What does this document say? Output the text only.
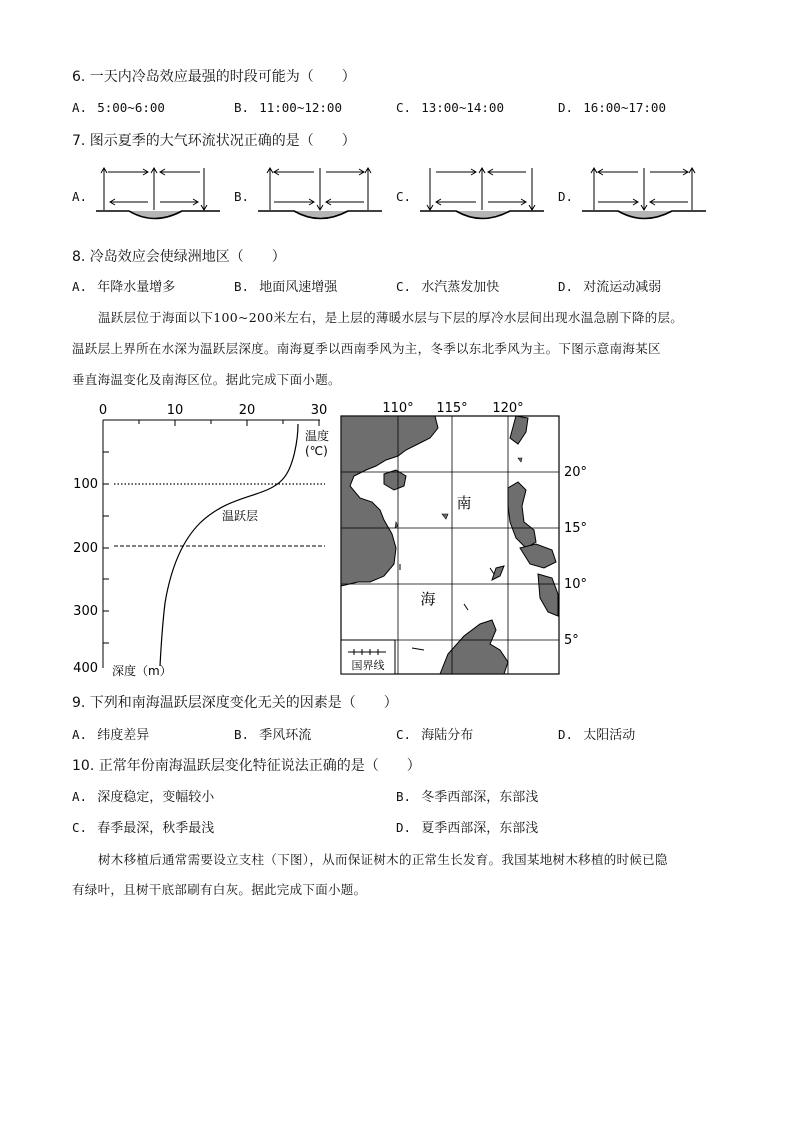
6. 一天内冷岛效应最强的时段可能为（　　）
A. 5:00~6:00	B. 11:00~12:00	C. 13:00~14:00	D. 16:00~17:00
7. 图示夏季的大气环流状况正确的是（　　）
A.	B.	C.	D.
8. 冷岛效应会使绿洲地区（　　）
A. 年降水量增多	B. 地面风速增强	C. 水汽蒸发加快	D. 对流运动减弱
温跃层位于海面以下100~200米左右，是上层的薄暖水层与下层的厚冷水层间出现水温急剧下降的层。
温跃层上界所在水深为温跃层深度。南海夏季以西南季风为主，冬季以东北季风为主。下图示意南海某区
垂直海温变化及南海区位。据此完成下面小题。
0	10	20	30
100
200
300
400
温度
(℃)
深度（m）
温跃层
110° 115° 120°
南
海
20°
15°
10°
5°
国界线
9. 下列和南海温跃层深度变化无关的因素是（　　）
A. 纬度差异	B. 季风环流	C. 海陆分布	D. 太阳活动
10. 正常年份南海温跃层变化特征说法正确的是（　　）
A. 深度稳定，变幅较小	B. 冬季西部深，东部浅
C. 春季最深，秋季最浅	D. 夏季西部深，东部浅
树木移植后通常需要设立支柱（下图），从而保证树木的正常生长发育。我国某地树木移植的时候已隐
有绿叶，且树干底部刷有白灰。据此完成下面小题。
